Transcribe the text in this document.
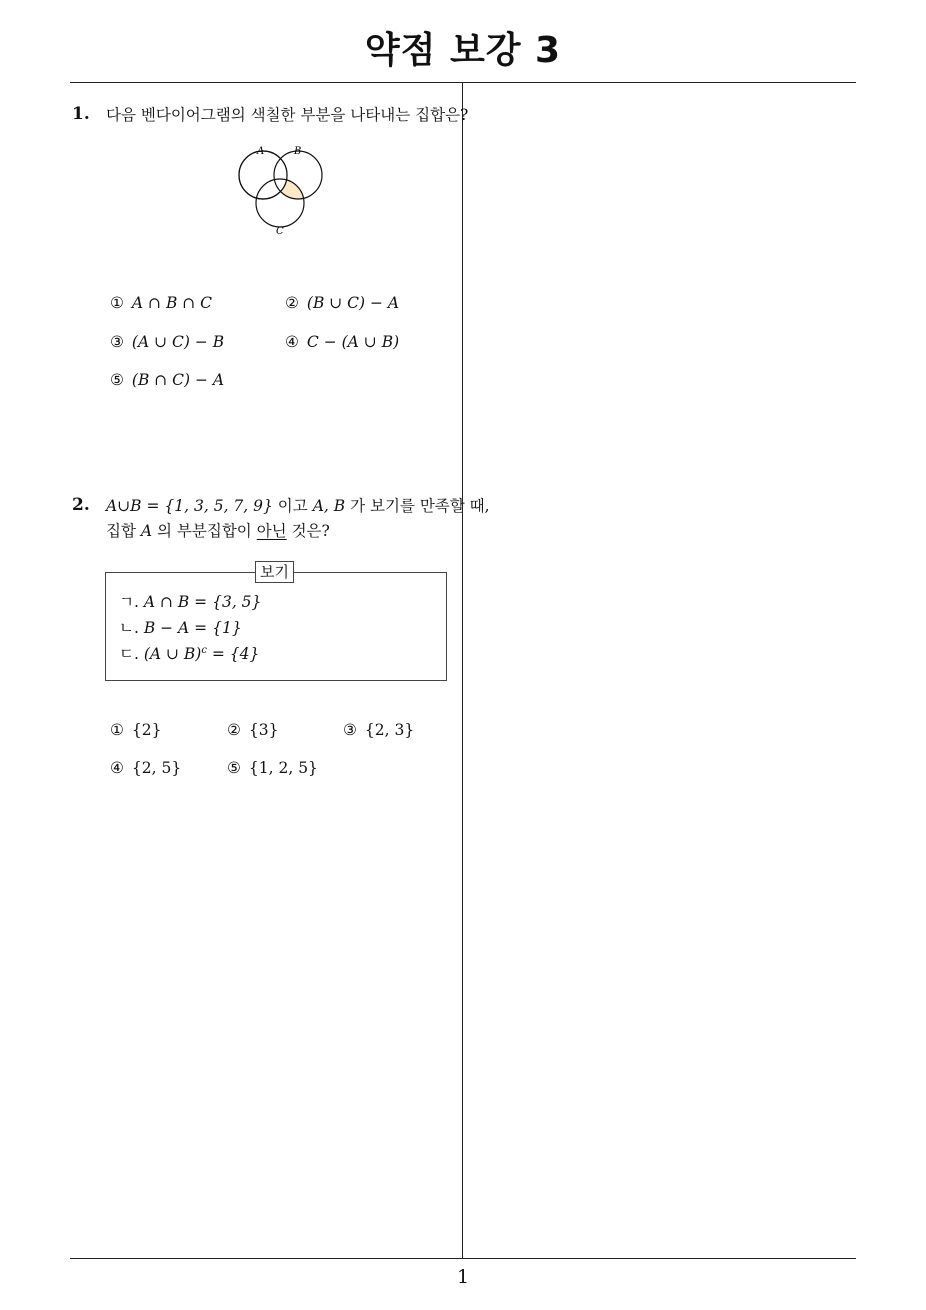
약점 보강 3
1
1. 다음 벤다이어그램의 색칠한 부분을 나타내는 집합은?
A	B
C
① A ∩ B ∩ C	② (B ∪ C) − A
③ (A ∪ C) − B	④ C − (A ∪ B)
⑤ (B ∩ C) − A
2. A∪B = {1, 3, 5, 7, 9} 이고 A, B 가 보기를 만족할 때,
집합 A 의 부분집합이 아닌 것은?
보기
ㄱ. A ∩ B = {3, 5}
ㄴ. B − A = {1}
ㄷ. (A ∪ B)$^c$ = {4}
① {2}	② {3}	③ {2, 3}
④ {2, 5}	⑤ {1, 2, 5}
